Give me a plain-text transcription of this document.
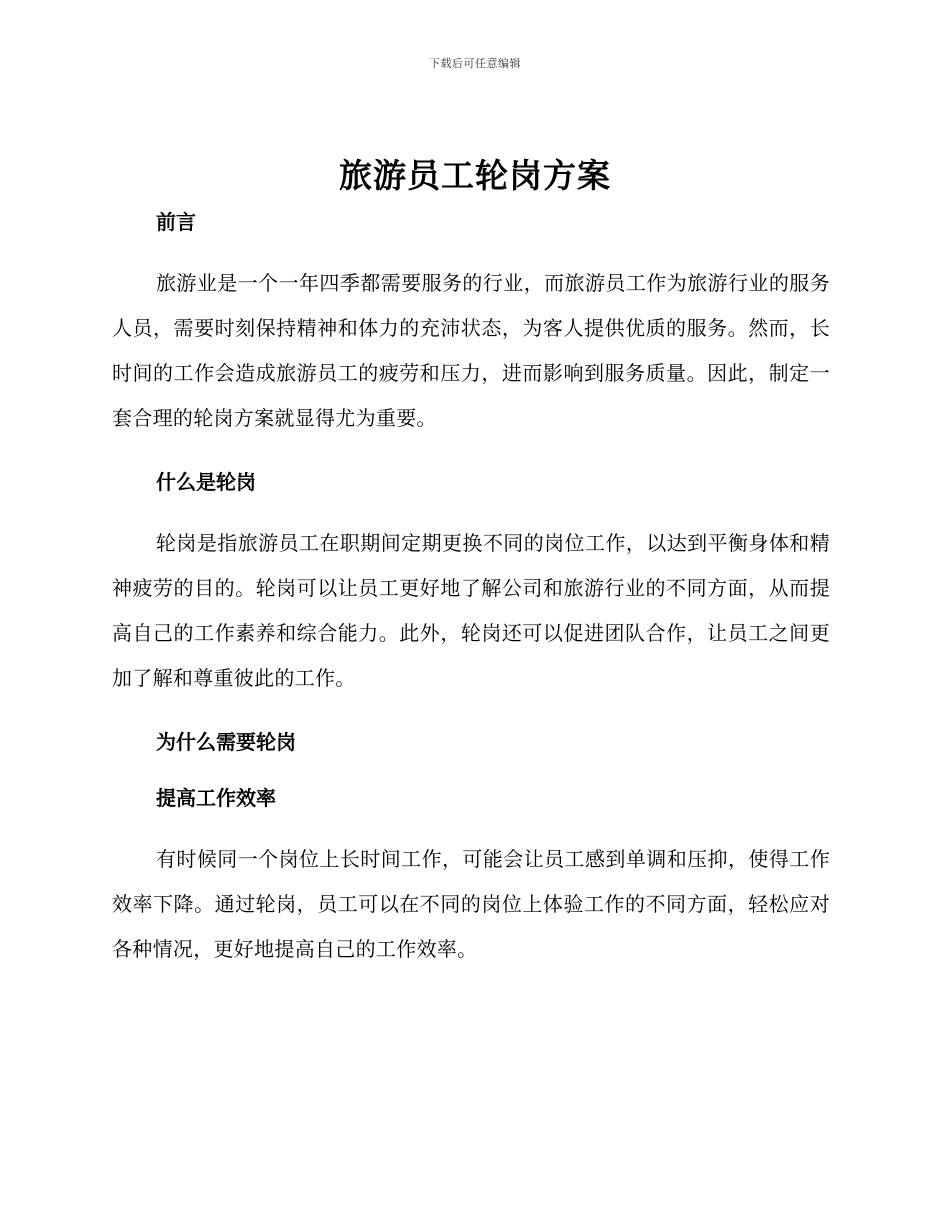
下载后可任意编辑
旅游员工轮岗方案
前言

旅游业是一个一年四季都需要服务的行业，而旅游员工作为旅游行业的服务人员，需要时刻保持精神和体力的充沛状态，为客人提供优质的服务。然而，长时间的工作会造成旅游员工的疲劳和压力，进而影响到服务质量。因此，制定一套合理的轮岗方案就显得尤为重要。

什么是轮岗

轮岗是指旅游员工在职期间定期更换不同的岗位工作，以达到平衡身体和精神疲劳的目的。轮岗可以让员工更好地了解公司和旅游行业的不同方面，从而提高自己的工作素养和综合能力。此外，轮岗还可以促进团队合作，让员工之间更加了解和尊重彼此的工作。

为什么需要轮岗
提高工作效率

有时候同一个岗位上长时间工作，可能会让员工感到单调和压抑，使得工作效率下降。通过轮岗，员工可以在不同的岗位上体验工作的不同方面，轻松应对各种情况，更好地提高自己的工作效率。
